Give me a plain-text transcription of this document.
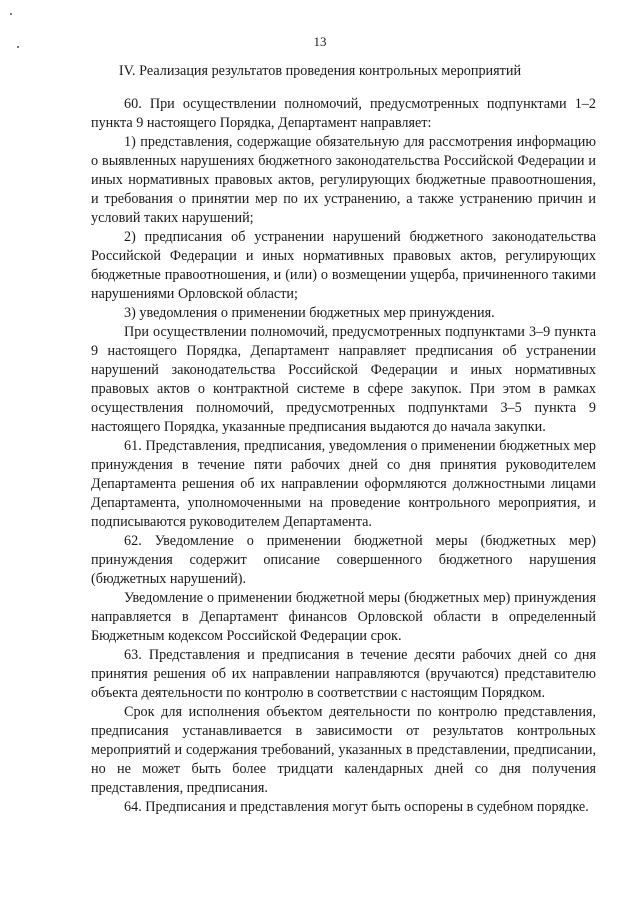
13
IV. Реализация результатов проведения контрольных мероприятий

60. При осуществлении полномочий, предусмотренных подпунктами 1–2 пункта 9 настоящего Порядка, Департамент направляет:

1) представления, содержащие обязательную для рассмотрения информацию о выявленных нарушениях бюджетного законодательства Российской Федерации и иных нормативных правовых актов, регулирующих бюджетные правоотношения, и требования о принятии мер по их устранению, а также устранению причин и условий таких нарушений;

2) предписания об устранении нарушений бюджетного законодательства Российской Федерации и иных нормативных правовых актов, регулирующих бюджетные правоотношения, и (или) о возмещении ущерба, причиненного такими нарушениями Орловской области;

3) уведомления о применении бюджетных мер принуждения.

При осуществлении полномочий, предусмотренных подпунктами 3–9 пункта 9 настоящего Порядка, Департамент направляет предписания об устранении нарушений законодательства Российской Федерации и иных нормативных правовых актов о контрактной системе в сфере закупок. При этом в рамках осуществления полномочий, предусмотренных подпунктами 3–5 пункта 9 настоящего Порядка, указанные предписания выдаются до начала закупки.

61. Представления, предписания, уведомления о применении бюджетных мер принуждения в течение пяти рабочих дней со дня принятия руководителем Департамента решения об их направлении оформляются должностными лицами Департамента, уполномоченными на проведение контрольного мероприятия, и подписываются руководителем Департамента.

62. Уведомление о применении бюджетной меры (бюджетных мер) принуждения содержит описание совершенного бюджетного нарушения (бюджетных нарушений).

Уведомление о применении бюджетной меры (бюджетных мер) принуждения направляется в Департамент финансов Орловской области в определенный Бюджетным кодексом Российской Федерации срок.

63. Представления и предписания в течение десяти рабочих дней со дня принятия решения об их направлении направляются (вручаются) представителю объекта деятельности по контролю в соответствии с настоящим Порядком.

Срок для исполнения объектом деятельности по контролю представления, предписания устанавливается в зависимости от результатов контрольных мероприятий и содержания требований, указанных в представлении, предписании, но не может быть более тридцати календарных дней со дня получения представления, предписания.

64. Предписания и представления могут быть оспорены в судебном порядке.
